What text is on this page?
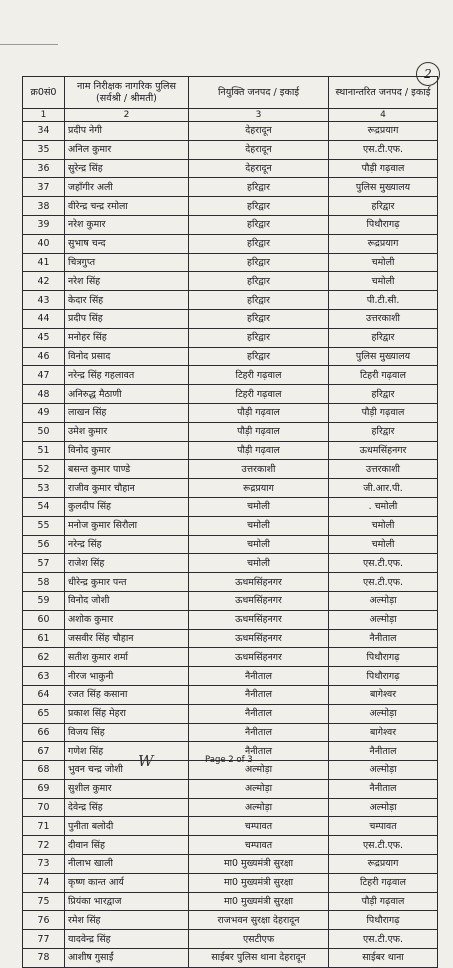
2
क्र0सं0	नाम निरीक्षक नागरिक पुलिस (सर्वश्री / श्रीमती)	नियुक्ति जनपद / इकाई	स्थानान्तरित जनपद / इकाई
1	2	3	4
34	प्रदीप नेगी	देहरादून	रूद्रप्रयाग
35	अनिल कुमार	देहरादून	एस.टी.एफ.
36	सुरेन्द्र सिंह	देहरादून	पौड़ी गढ़वाल
37	जहाँगीर अली	हरिद्वार	पुलिस मुख्यालय
38	वीरेन्द्र चन्द्र रमोला	हरिद्वार	हरिद्वार
39	नरेश कुमार	हरिद्वार	पिथौरागढ़
40	सुभाष चन्द	हरिद्वार	रूद्रप्रयाग
41	चित्रगुप्त	हरिद्वार	चमोली
42	नरेश सिंह	हरिद्वार	चमोली
43	केदार सिंह	हरिद्वार	पी.टी.सी.
44	प्रदीप सिंह	हरिद्वार	उत्तरकाशी
45	मनोहर सिंह	हरिद्वार	हरिद्वार
46	विनोद प्रसाद	हरिद्वार	पुलिस मुख्यालय
47	नरेन्द्र सिंह गहलावत	टिहरी गढ़वाल	टिहरी गढ़वाल
48	अनिरुद्ध मैठाणी	टिहरी गढ़वाल	हरिद्वार
49	लाखन सिंह	पौड़ी गढ़वाल	पौड़ी गढ़वाल
50	उमेश कुमार	पौड़ी गढ़वाल	हरिद्वार
51	विनोद कुमार	पौड़ी गढ़वाल	ऊधमसिंहनगर
52	बसन्त कुमार पाण्डे	उत्तरकाशी	उत्तरकाशी
53	राजीव कुमार चौहान	रूद्रप्रयाग	जी.आर.पी.
54	कुलदीप सिंह	चमोली	. चमोली
55	मनोज कुमार सिरौला	चमोली	चमोली
56	नरेन्द्र सिंह	चमोली	चमोली
57	राजेश सिंह	चमोली	एस.टी.एफ.
58	धीरेन्द्र कुमार पन्त	ऊधमसिंहनगर	एस.टी.एफ.
59	विनोद जोशी	ऊधमसिंहनगर	अल्मोड़ा
60	अशोक कुमार	ऊधमसिंहनगर	अल्मोड़ा
61	जसवीर सिंह चौहान	ऊधमसिंहनगर	नैनीताल
62	सतीश कुमार शर्मा	ऊधमसिंहनगर	पिथौरागढ़
63	नीरज भाकुनी	नैनीताल	पिथौरागढ़
64	रजत सिंह कसाना	नैनीताल	बागेश्वर
65	प्रकाश सिंह मेहरा	नैनीताल	अल्मोड़ा
66	विजय सिंह	नैनीताल	बागेश्वर
67	गणेश सिंह	नैनीताल	नैनीताल
68	भुवन चन्द्र जोशी	अल्मोड़ा	अल्मोड़ा
69	सुशील कुमार	अल्मोड़ा	नैनीताल
70	देवेन्द्र सिंह	अल्मोड़ा	अल्मोड़ा
71	पुनीता बलोदी	चम्पावत	चम्पावत
72	दीवान सिंह	चम्पावत	एस.टी.एफ.
73	नीलाभ खाली	मा0 मुख्यमंत्री सुरक्षा	रूद्रप्रयाग
74	कृष्ण कान्त आर्य	मा0 मुख्यमंत्री सुरक्षा	टिहरी गढ़वाल
75	प्रियंका भारद्वाज	मा0 मुख्यमंत्री सुरक्षा	पौड़ी गढ़वाल
76	रमेश सिंह	राजभवन सुरक्षा देहरादून	पिथौरागढ़
77	यादवेन्द्र सिंह	एसटीएफ	एस.टी.एफ.
78	आशीष गुसाईं	साईबर पुलिस थाना देहरादून	साईबर थाना
W	Page 2 of 3
